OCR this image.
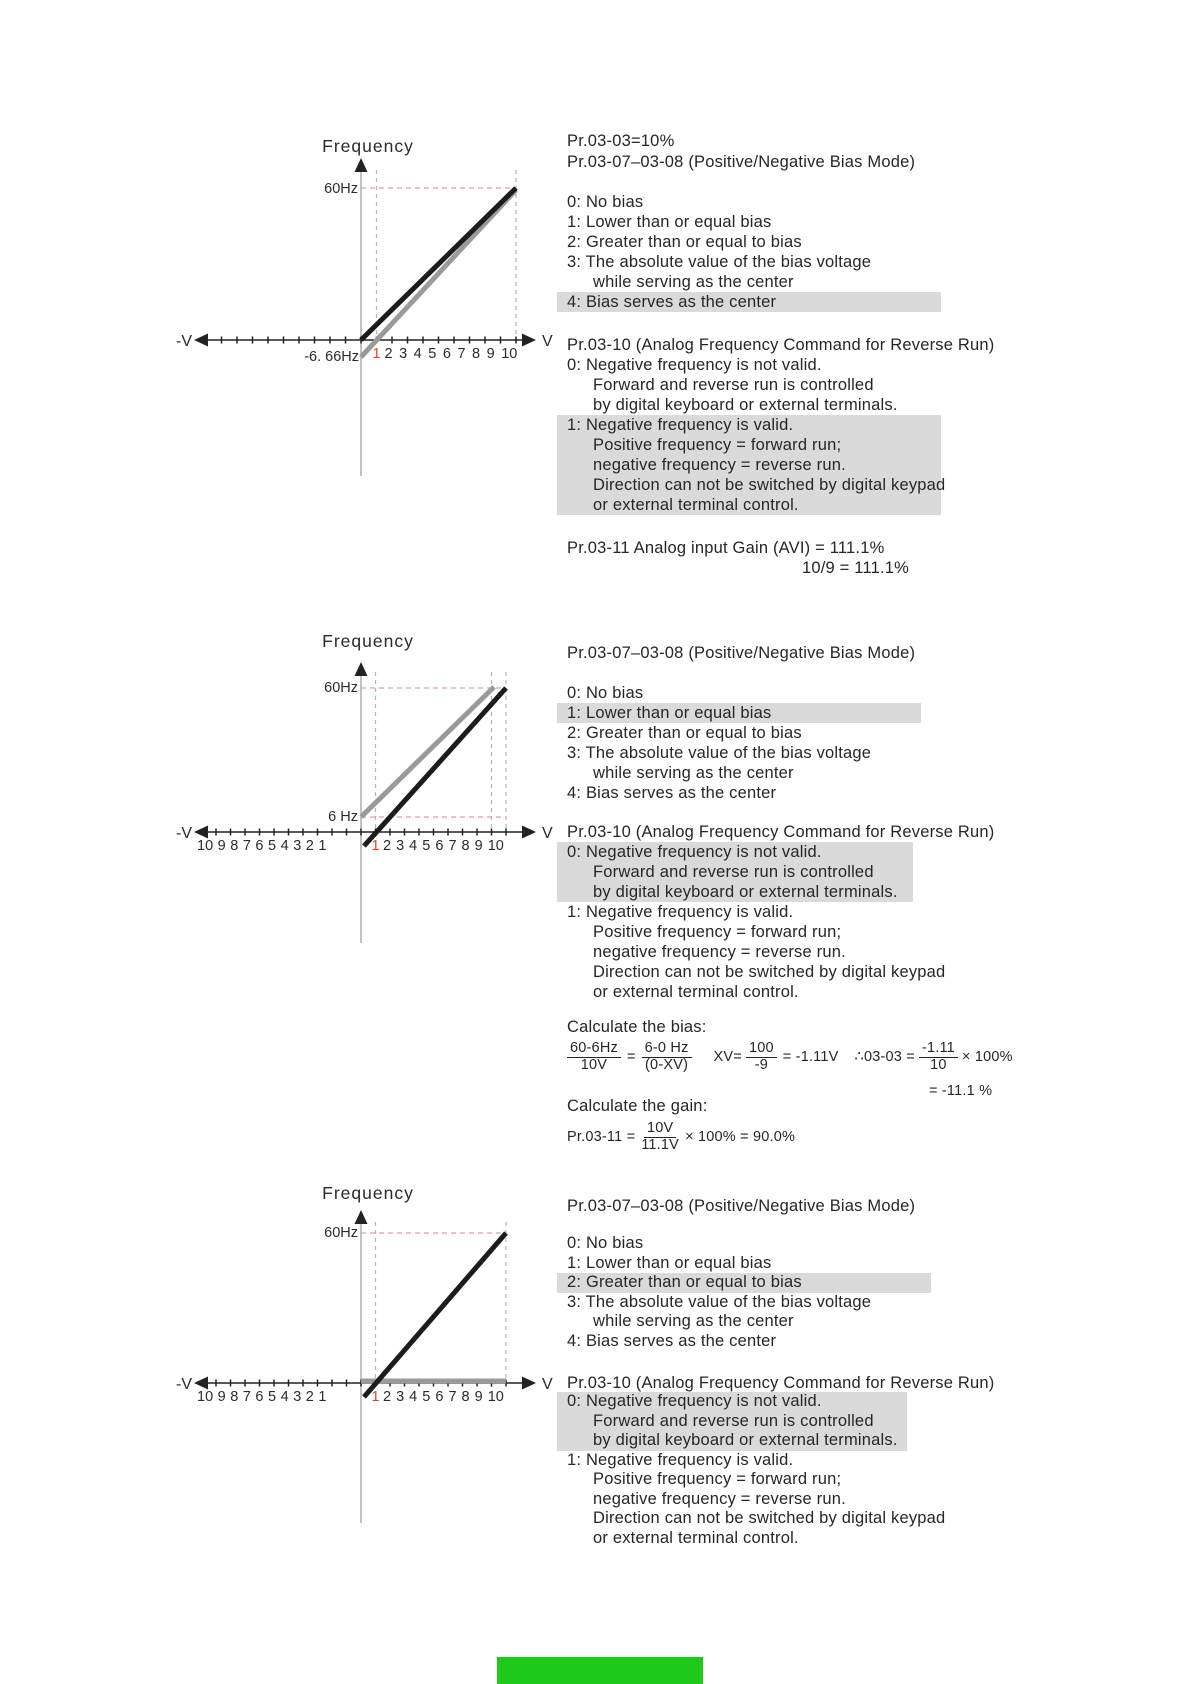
Frequency
60Hz
-6. 66Hz
-V	V
1 2 3 4 5 6 7 8 9 10
Frequency
60Hz
6 Hz
-V	V
10 9 8 7 6 5 4 3 2 1	1 2 3 4 5 6 7 8 9 10
Frequency
60Hz
-V	V
10 9 8 7 6 5 4 3 2 1	1 2 3 4 5 6 7 8 9 10
Pr.03-03=10%
Pr.03-07–03-08 (Positive/Negative Bias Mode)
0: No bias
1: Lower than or equal bias
2: Greater than or equal to bias
3: The absolute value of the bias voltage
while serving as the center
4: Bias serves as the center
Pr.03-10 (Analog Frequency Command for Reverse Run)
0: Negative frequency is not valid.
Forward and reverse run is controlled
by digital keyboard or external terminals.
1: Negative frequency is valid.
Positive frequency = forward run;
negative frequency = reverse run.
Direction can not be switched by digital keypad
or external terminal control.
Pr.03-11 Analog input Gain (AVI) = 111.1%
10/9 = 111.1%
Pr.03-07–03-08 (Positive/Negative Bias Mode)
0: No bias
1: Lower than or equal bias
2: Greater than or equal to bias
3: The absolute value of the bias voltage
while serving as the center
4: Bias serves as the center
Pr.03-10 (Analog Frequency Command for Reverse Run)
0: Negative frequency is not valid.
Forward and reverse run is controlled
by digital keyboard or external terminals.
1: Negative frequency is valid.
Positive frequency = forward run;
negative frequency = reverse run.
Direction can not be switched by digital keypad
or external terminal control.
Calculate the bias:
$\frac{60-6Hz}{10V} = \frac{6-0 Hz}{(0-XV)} XV= \frac{100}{-9} = -1.11V$ ∴03-03 = $\frac{-1.11}{10} \times 100\%$
= -11.1 %
Calculate the gain:
$Pr.03-11 = \frac{10V}{11.1V} \times 100\% = 90.0\%$
Pr.03-07–03-08 (Positive/Negative Bias Mode)
0: No bias
1: Lower than or equal bias
2: Greater than or equal to bias
3: The absolute value of the bias voltage
while serving as the center
4: Bias serves as the center
Pr.03-10 (Analog Frequency Command for Reverse Run)
0: Negative frequency is not valid.
Forward and reverse run is controlled
by digital keyboard or external terminals.
1: Negative frequency is valid.
Positive frequency = forward run;
negative frequency = reverse run.
Direction can not be switched by digital keypad
or external terminal control.
